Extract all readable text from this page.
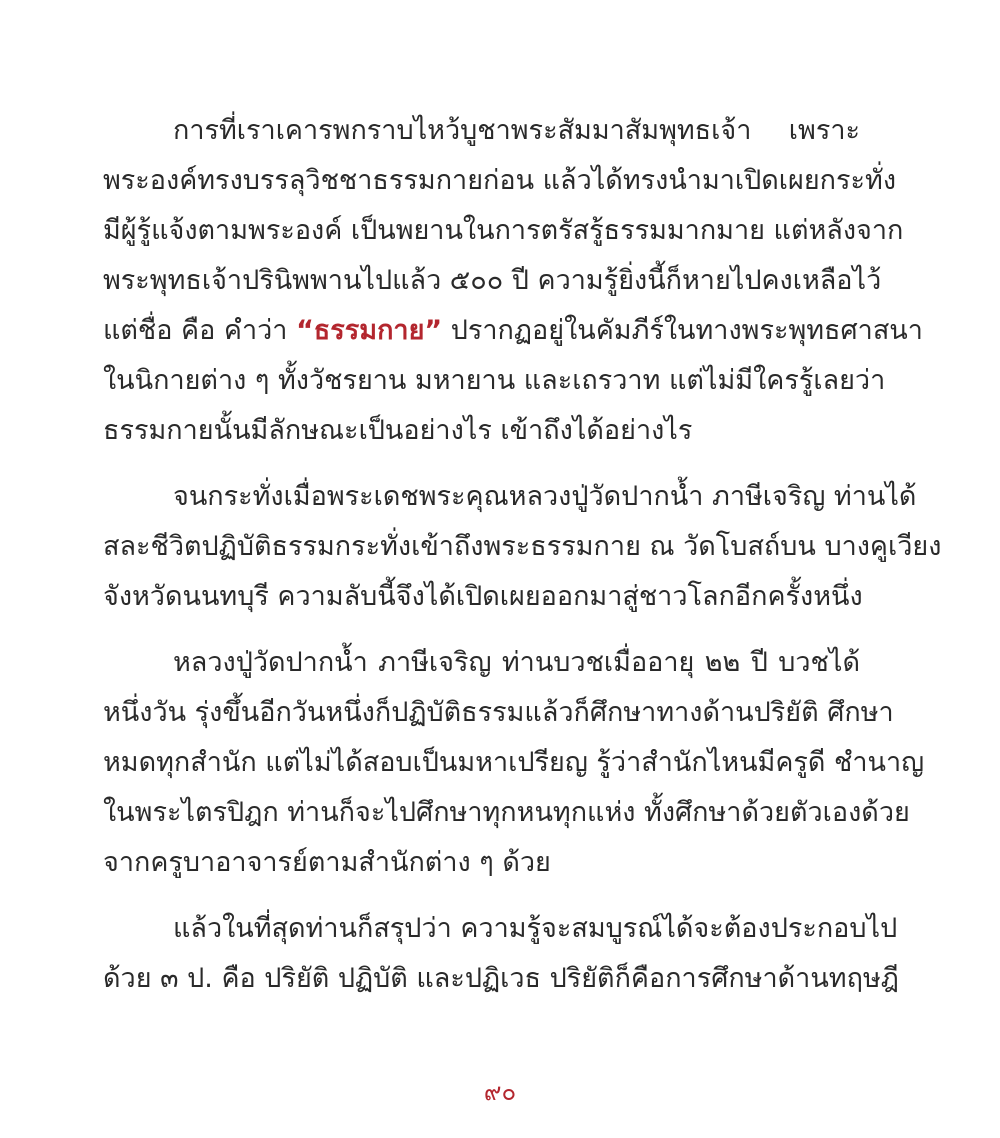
การที่เราเคารพกราบไหว้บูชาพระสัมมาสัมพุทธเจ้า เพราะ
พระองค์ทรงบรรลุวิชชาธรรมกายก่อน แล้วได้ทรงนำมาเปิดเผยกระทั่ง
มีผู้รู้แจ้งตามพระองค์ เป็นพยานในการตรัสรู้ธรรมมากมาย แต่หลังจาก
พระพุทธเจ้าปรินิพพานไปแล้ว ๕๐๐ ปี ความรู้ยิ่งนี้ก็หายไปคงเหลือไว้
แต่ชื่อ คือ คำว่า “ธรรมกาย” ปรากฏอยู่ในคัมภีร์ในทางพระพุทธศาสนา
ในนิกายต่าง ๆ ทั้งวัชรยาน มหายาน และเถรวาท แต่ไม่มีใครรู้เลยว่า
ธรรมกายนั้นมีลักษณะเป็นอย่างไร เข้าถึงได้อย่างไร
จนกระทั่งเมื่อพระเดชพระคุณหลวงปู่วัดปากน้ำ ภาษีเจริญ ท่านได้
สละชีวิตปฏิบัติธรรมกระทั่งเข้าถึงพระธรรมกาย ณ วัดโบสถ์บน บางคูเวียง
จังหวัดนนทบุรี ความลับนี้จึงได้เปิดเผยออกมาสู่ชาวโลกอีกครั้งหนึ่ง
หลวงปู่วัดปากน้ำ ภาษีเจริญ ท่านบวชเมื่ออายุ ๒๒ ปี บวชได้
หนึ่งวัน รุ่งขึ้นอีกวันหนึ่งก็ปฏิบัติธรรมแล้วก็ศึกษาทางด้านปริยัติ ศึกษา
หมดทุกสำนัก แต่ไม่ได้สอบเป็นมหาเปรียญ รู้ว่าสำนักไหนมีครูดี ชำนาญ
ในพระไตรปิฎก ท่านก็จะไปศึกษาทุกหนทุกแห่ง ทั้งศึกษาด้วยตัวเองด้วย
จากครูบาอาจารย์ตามสำนักต่าง ๆ ด้วย
แล้วในที่สุดท่านก็สรุปว่า ความรู้จะสมบูรณ์ได้จะต้องประกอบไป
ด้วย ๓ ป. คือ ปริยัติ ปฏิบัติ และปฏิเวธ ปริยัติก็คือการศึกษาด้านทฤษฎี
๙๐
